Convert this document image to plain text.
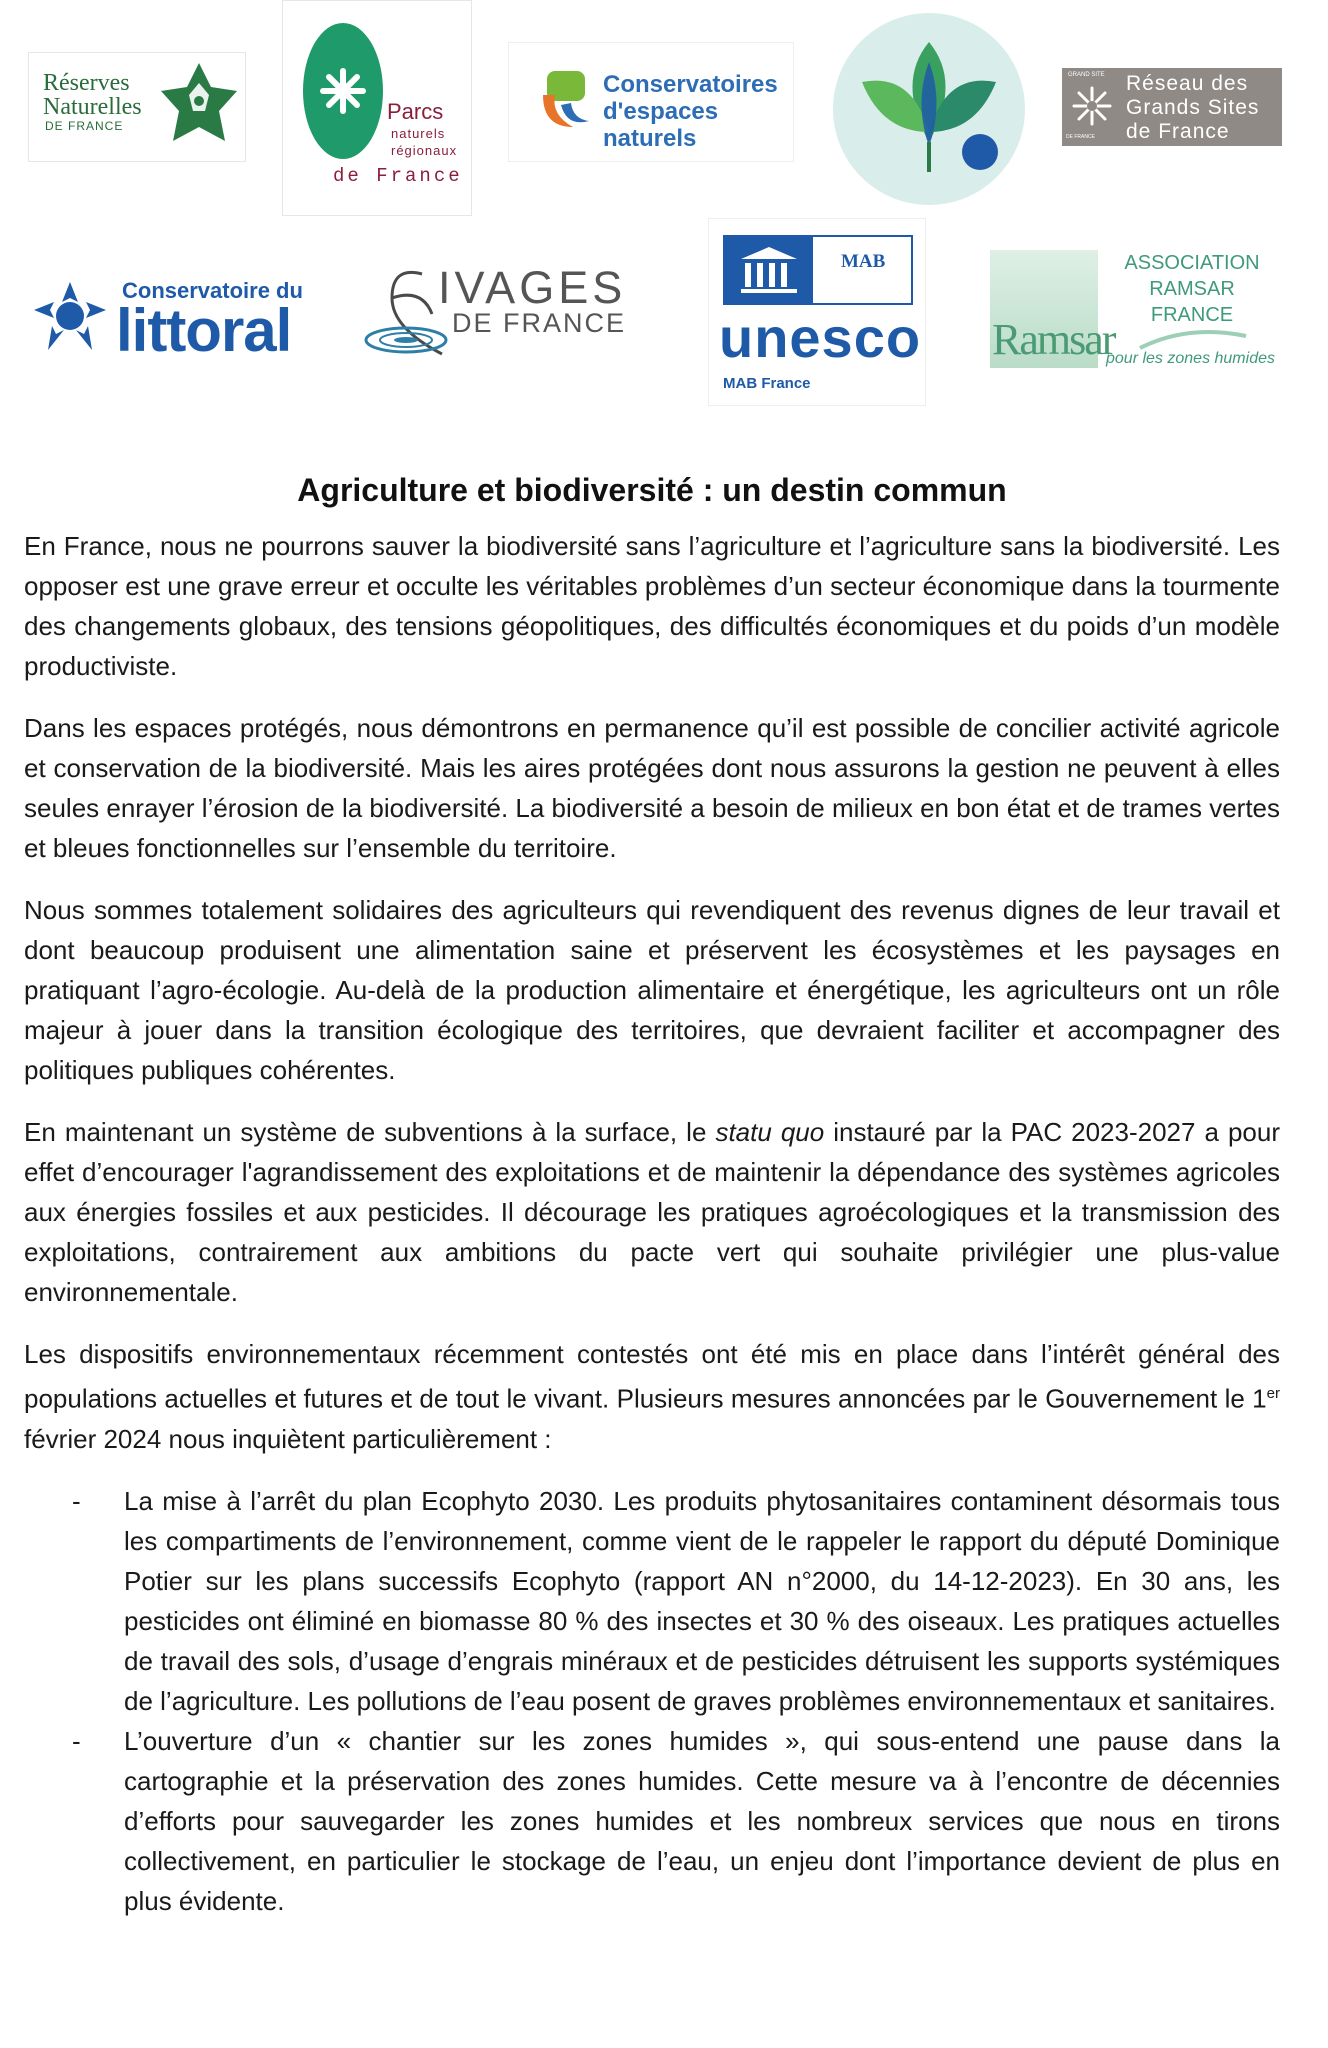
Réserves
Naturelles
DE FRANCE
Parcs
naturels
régionaux
de France
Conservatoires
d'espaces
naturels
GRAND SITE
DE FRANCE
Réseau des
Grands Sites
de France
Conservatoire du
littoral
IVAGES
DE FRANCE
MAB
unesco
MAB France
Ramsar
ASSOCIATION
RAMSAR
FRANCE
pour les zones humides
Agriculture et biodiversité : un destin commun

En France, nous ne pourrons sauver la biodiversité sans l’agriculture et l’agriculture sans la biodiversité. Les opposer est une grave erreur et occulte les véritables problèmes d’un secteur économique dans la tourmente des changements globaux, des tensions géopolitiques, des difficultés économiques et du poids d’un modèle productiviste.

Dans les espaces protégés, nous démontrons en permanence qu’il est possible de concilier activité agricole et conservation de la biodiversité. Mais les aires protégées dont nous assurons la gestion ne peuvent à elles seules enrayer l’érosion de la biodiversité. La biodiversité a besoin de milieux en bon état et de trames vertes et bleues fonctionnelles sur l’ensemble du territoire.

Nous sommes totalement solidaires des agriculteurs qui revendiquent des revenus dignes de leur travail et dont beaucoup produisent une alimentation saine et préservent les écosystèmes et les paysages en pratiquant l’agro-écologie. Au-delà de la production alimentaire et énergétique, les agriculteurs ont un rôle majeur à jouer dans la transition écologique des territoires, que devraient faciliter et accompagner des politiques publiques cohérentes.

En maintenant un système de subventions à la surface, le statu quo instauré par la PAC 2023-2027 a pour effet d’encourager l'agrandissement des exploitations et de maintenir la dépendance des systèmes agricoles aux énergies fossiles et aux pesticides. Il décourage les pratiques agroécologiques et la transmission des exploitations, contrairement aux ambitions du pacte vert qui souhaite privilégier une plus-value environnementale.

Les dispositifs environnementaux récemment contestés ont été mis en place dans l’intérêt général des populations actuelles et futures et de tout le vivant. Plusieurs mesures annoncées par le Gouvernement le 1er février 2024 nous inquiètent particulièrement :

- La mise à l’arrêt du plan Ecophyto 2030. Les produits phytosanitaires contaminent désormais tous les compartiments de l’environnement, comme vient de le rappeler le rapport du député Dominique Potier sur les plans successifs Ecophyto (rapport AN n°2000, du 14-12-2023). En 30 ans, les pesticides ont éliminé en biomasse 80 % des insectes et 30 % des oiseaux. Les pratiques actuelles de travail des sols, d’usage d’engrais minéraux et de pesticides détruisent les supports systémiques de l’agriculture. Les pollutions de l’eau posent de graves problèmes environnementaux et sanitaires.
- L’ouverture d’un « chantier sur les zones humides », qui sous-entend une pause dans la cartographie et la préservation des zones humides. Cette mesure va à l’encontre de décennies d’efforts pour sauvegarder les zones humides et les nombreux services que nous en tirons collectivement, en particulier le stockage de l’eau, un enjeu dont l’importance devient de plus en plus évidente.
